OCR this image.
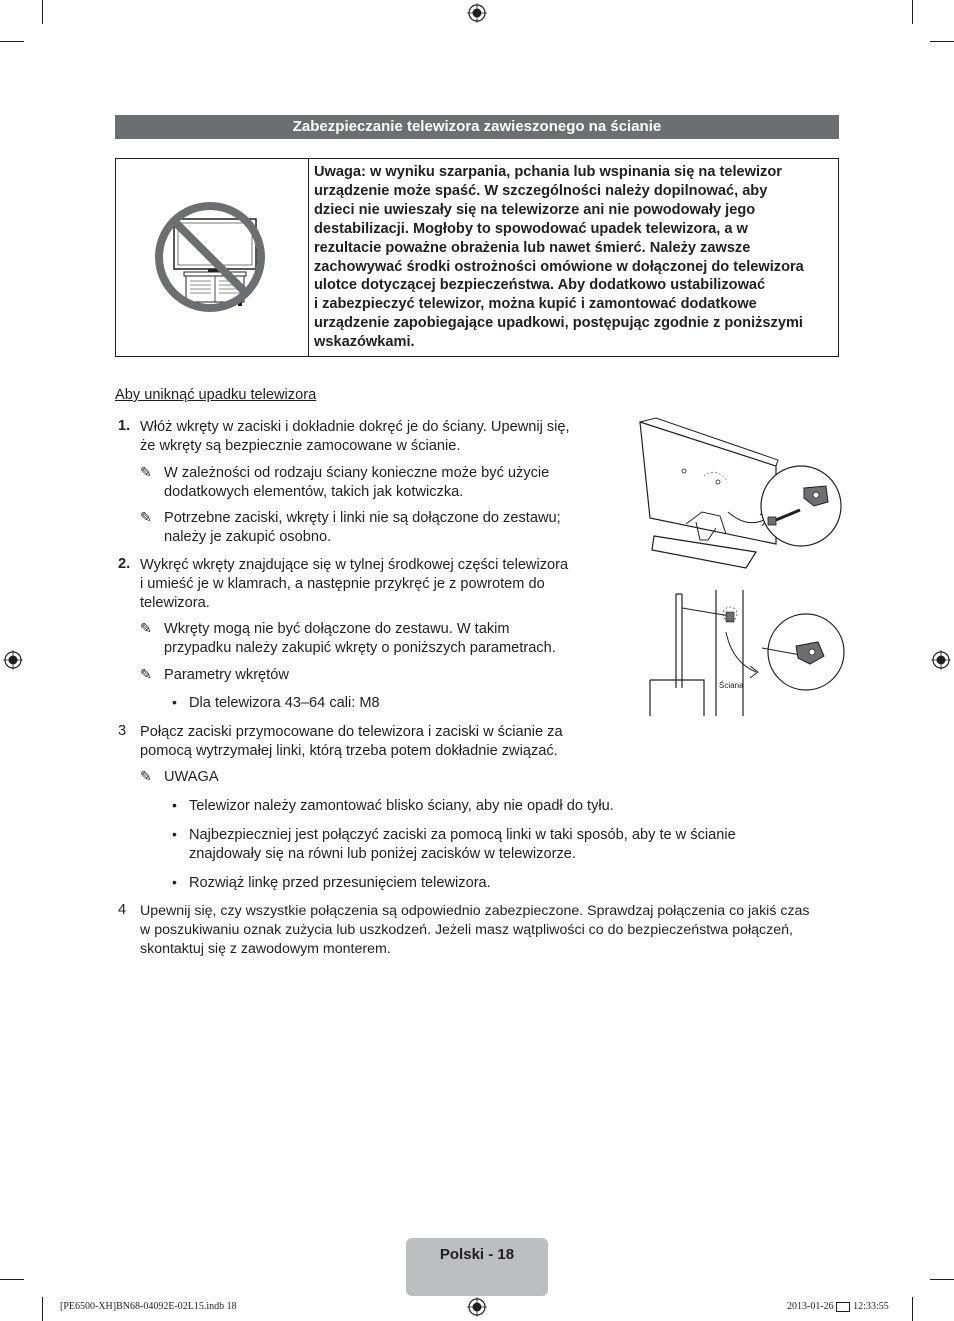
Zabezpieczanie telewizora zawieszonego na ścianie
Uwaga: w wyniku szarpania, pchania lub wspinania się na telewizor
urządzenie może spaść. W szczególności należy dopilnować, aby
dzieci nie uwieszały się na telewizorze ani nie powodowały jego
destabilizacji. Mogłoby to spowodować upadek telewizora, a w
rezultacie poważne obrażenia lub nawet śmierć. Należy zawsze
zachowywać środki ostrożności omówione w dołączonej do telewizora
ulotce dotyczącej bezpieczeństwa. Aby dodatkowo ustabilizować
i zabezpieczyć telewizor, można kupić i zamontować dodatkowe
urządzenie zapobiegające upadkowi, postępując zgodnie z poniższymi
wskazówkami.
Aby uniknąć upadku telewizora
1. Włóż wkręty w zaciski i dokładnie dokręć je do ściany. Upewnij się,
że wkręty są bezpiecznie zamocowane w ścianie.
✎ W zależności od rodzaju ściany konieczne może być użycie
dodatkowych elementów, takich jak kotwiczka.
✎ Potrzebne zaciski, wkręty i linki nie są dołączone do zestawu;
należy je zakupić osobno.
2. Wykręć wkręty znajdujące się w tylnej środkowej części telewizora
i umieść je w klamrach, a następnie przykręć je z powrotem do
telewizora.
✎ Wkręty mogą nie być dołączone do zestawu. W takim
przypadku należy zakupić wkręty o poniższych parametrach.
✎ Parametry wkrętów
• Dla telewizora 43–64 cali: M8
3 Połącz zaciski przymocowane do telewizora i zaciski w ścianie za
pomocą wytrzymałej linki, którą trzeba potem dokładnie związać.
✎ UWAGA
• Telewizor należy zamontować blisko ściany, aby nie opadł do tyłu.
• Najbezpieczniej jest połączyć zaciski za pomocą linki w taki sposób, aby te w ścianie
znajdowały się na równi lub poniżej zacisków w telewizorze.
• Rozwiąż linkę przed przesunięciem telewizora.
4 Upewnij się, czy wszystkie połączenia są odpowiednio zabezpieczone. Sprawdzaj połączenia co jakiś czas
w poszukiwaniu oznak zużycia lub uszkodzeń. Jeżeli masz wątpliwości co do bezpieczeństwa połączeń,
skontaktuj się z zawodowym monterem.
Ściana
Polski - 18
[PE6500-XH]BN68-04092E-02L15.indb 18	2013-01-26 12:33:55
